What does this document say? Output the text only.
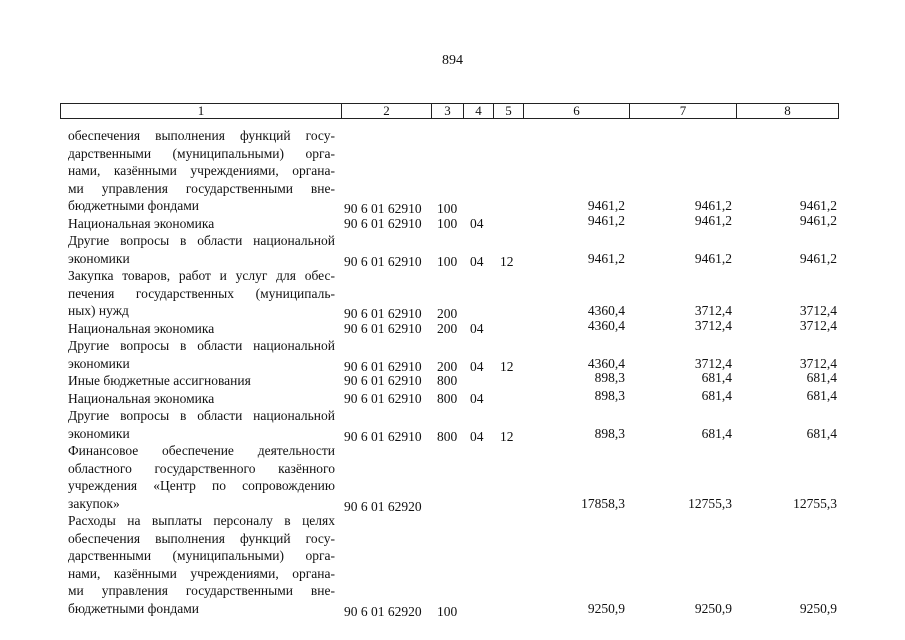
894
1	2	3	4	5	6	7	8
обеспечения выполнения функций госу-
дарственными (муниципальными) орга-
нами, казёнными учреждениями, органа-
ми управления государственными вне-
бюджетными фондами	90 6 01 62910 100	9461,2	9461,2	9461,2
Национальная экономика	90 6 01 62910 100 04	9461,2	9461,2	9461,2
Другие вопросы в области национальной
экономики	90 6 01 62910 100 04 12	9461,2	9461,2	9461,2
Закупка товаров, работ и услуг для обес-
печения государственных (муниципаль-
ных) нужд	90 6 01 62910 200	4360,4	3712,4	3712,4
Национальная экономика	90 6 01 62910 200 04	4360,4	3712,4	3712,4
Другие вопросы в области национальной
экономики	90 6 01 62910 200 04 12	4360,4	3712,4	3712,4
Иные бюджетные ассигнования	90 6 01 62910 800	898,3	681,4	681,4
Национальная экономика	90 6 01 62910 800 04	898,3	681,4	681,4
Другие вопросы в области национальной
экономики	90 6 01 62910 800 04 12	898,3	681,4	681,4
Финансовое обеспечение деятельности
областного государственного казённого
учреждения «Центр по сопровождению
закупок»	90 6 01 62920	17858,3	12755,3	12755,3
Расходы на выплаты персоналу в целях
обеспечения выполнения функций госу-
дарственными (муниципальными) орга-
нами, казёнными учреждениями, органа-
ми управления государственными вне-
бюджетными фондами	90 6 01 62920 100	9250,9	9250,9	9250,9
